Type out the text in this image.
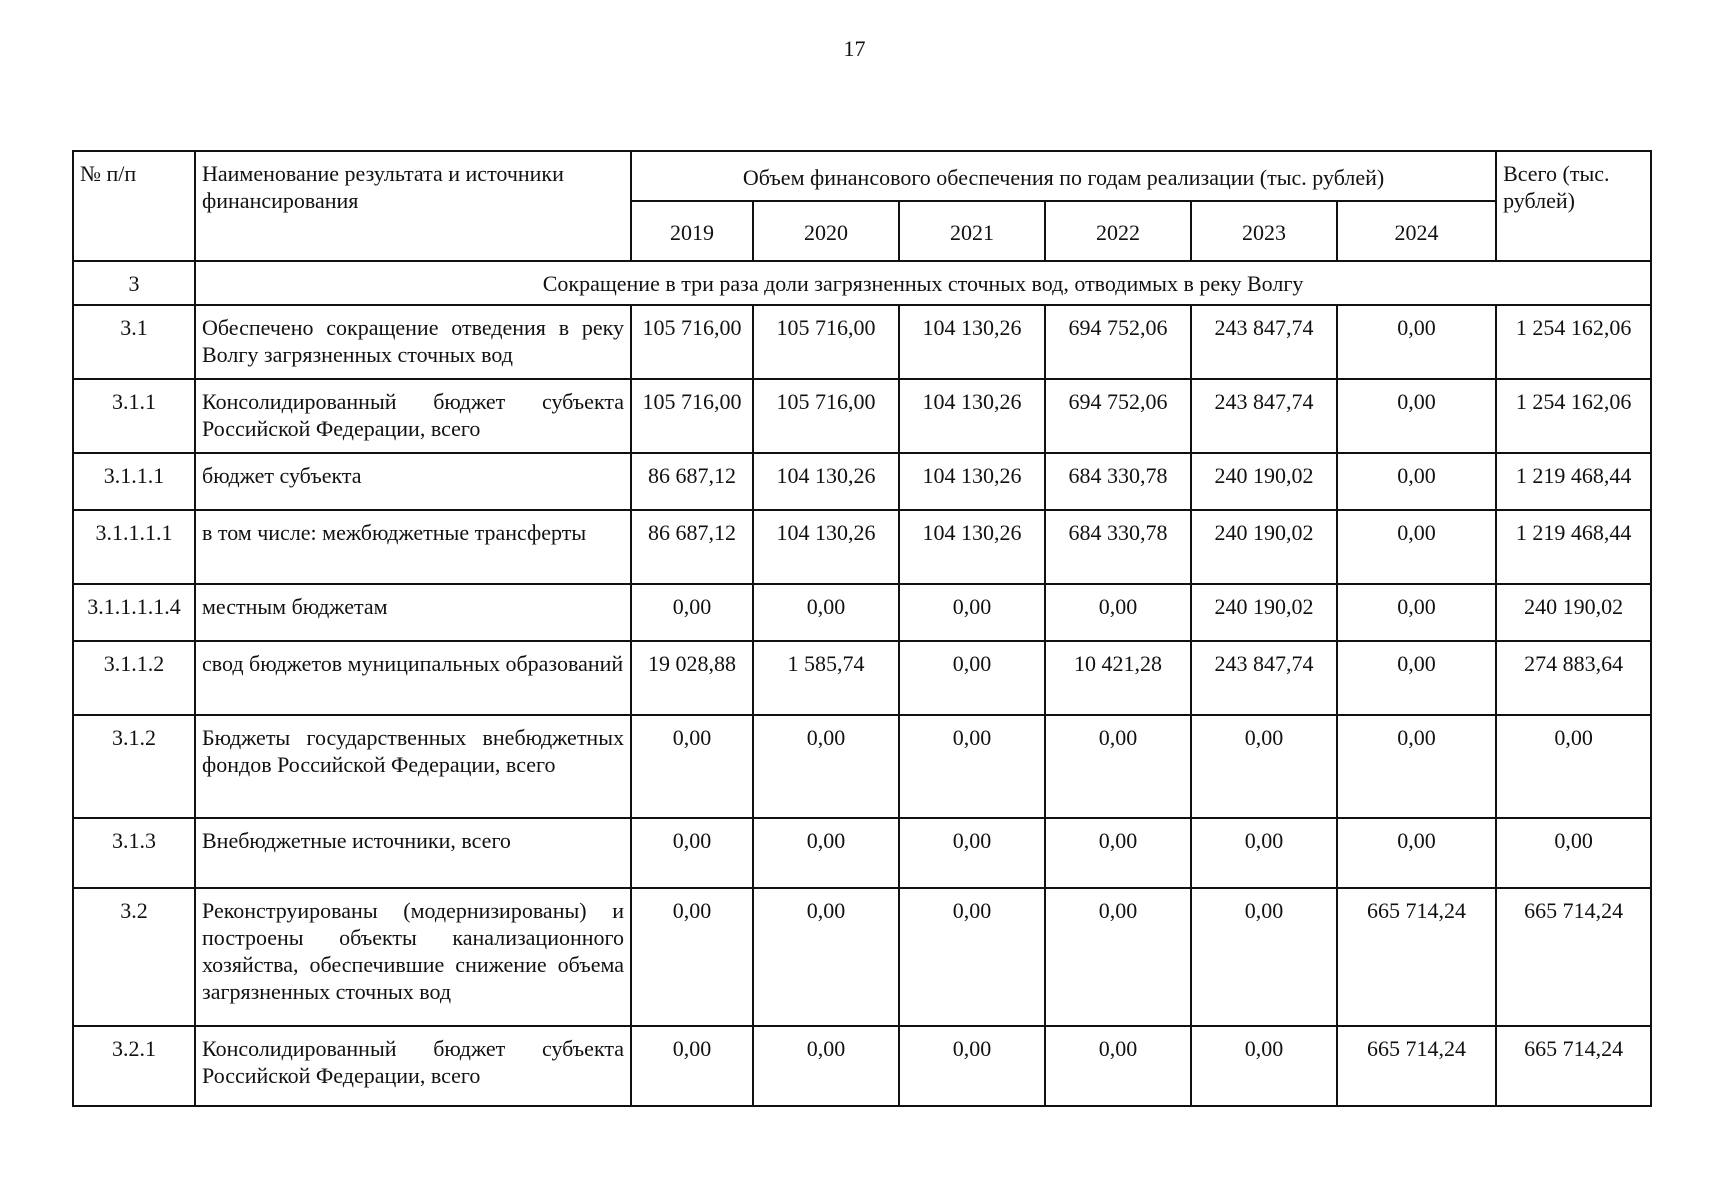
17
№ п/п	Наименование результата и источники финансирования	Объем финансового обеспечения по годам реализации (тыс. рублей)						Всего (тыс. рублей)
		2019	2020	2021	2022	2023	2024	
3	Сокращение в три раза доли загрязненных сточных вод, отводимых в реку Волгу							
3.1	Обеспечено сокращение отведения в реку Волгу загрязненных сточных вод	105 716,00	105 716,00	104 130,26	694 752,06	243 847,74	0,00	1 254 162,06
3.1.1	Консолидированный бюджет субъекта Российской Федерации, всего	105 716,00	105 716,00	104 130,26	694 752,06	243 847,74	0,00	1 254 162,06
3.1.1.1	бюджет субъекта	86 687,12	104 130,26	104 130,26	684 330,78	240 190,02	0,00	1 219 468,44
3.1.1.1.1	в том числе: межбюджетные трансферты	86 687,12	104 130,26	104 130,26	684 330,78	240 190,02	0,00	1 219 468,44
3.1.1.1.1.4	местным бюджетам	0,00	0,00	0,00	0,00	240 190,02	0,00	240 190,02
3.1.1.2	свод бюджетов муниципальных образований	19 028,88	1 585,74	0,00	10 421,28	243 847,74	0,00	274 883,64
3.1.2	Бюджеты государственных внебюджетных фондов Российской Федерации, всего	0,00	0,00	0,00	0,00	0,00	0,00	0,00
3.1.3	Внебюджетные источники, всего	0,00	0,00	0,00	0,00	0,00	0,00	0,00
3.2	Реконструированы (модернизированы) и построены объекты канализационного хозяйства, обеспечившие снижение объема загрязненных сточных вод	0,00	0,00	0,00	0,00	0,00	665 714,24	665 714,24
3.2.1	Консолидированный бюджет субъекта Российской Федерации, всего	0,00	0,00	0,00	0,00	0,00	665 714,24	665 714,24
